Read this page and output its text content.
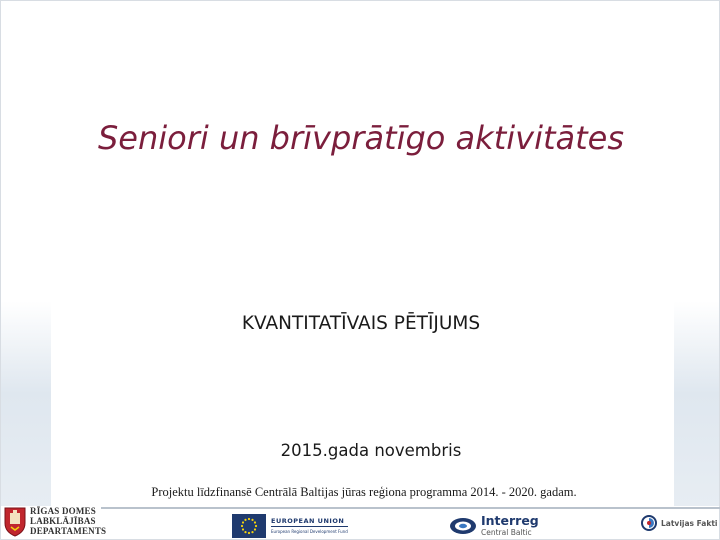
Seniori un brīvprātīgo aktivitātes
KVANTITATĪVAIS PĒTĪJUMS
2015.gada novembris
Projektu līdzfinansē Centrālā Baltijas jūras reģiona programma 2014. - 2020. gadam.
RĪGAS DOMES
LABKLĀJĪBAS
DEPARTAMENTS
EUROPEAN UNION
European Regional Development Fund
Interreg
Central Baltic
Latvijas Fakti
